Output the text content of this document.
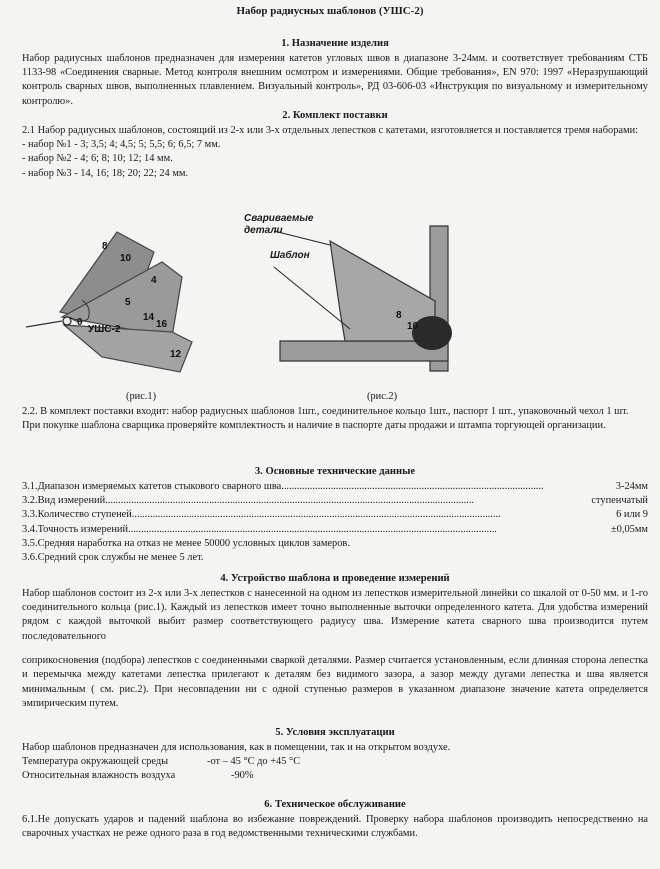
Набор радиусных шаблонов (УШС-2)

1. Назначение изделия

Набор радиусных шаблонов предназначен для измерения катетов угловых швов в диапазоне 3-24мм. и соответствует требованиям СТБ 1133-98 «Соединения сварные. Метод контроля внешним осмотром и измерениями. Общие требования», EN 970: 1997 «Неразрушающий контроль сварных швов, выполненных плавлением. Визуальный контроль», РД 03-606-03 «Инструкция по визуальному и измерительному контролю».

2. Комплект поставки

2.1 Набор радиусных шаблонов, состоящий из 2-х или 3-х отдельных лепестков с катетами, изготовляется и поставляется тремя наборами:

- набор №1 - 3; 3,5; 4; 4,5; 5; 5,5; 6; 6,5; 7 мм.

- набор №2 - 4; 6; 8; 10; 12; 14 мм.

- набор №3 - 14, 16; 18; 20; 22; 24 мм.

8
10
4
5
14
16
12
0
УШС-2
(рис.1)
8
10
Свариваемые детали
Шаблон
(рис.2)

2.2. В комплект поставки входит: набор радиусных шаблонов 1шт., соединительное кольцо 1шт., паспорт 1 шт., упаковочный чехол 1 шт.

При покупке шаблона сварщика проверяйте комплектность и наличие в паспорте даты продажи и штампа торгующей организации.

3. Основные технические данные

3.1.Диапазон измеряемых катетов стыкового сварного шва .....................................................................................................	3-24мм
3.2.Вид измерений ..............................................................................................................................................	ступенчатый
3.3.Количество ступеней ..............................................................................................................................................	6 или 9
3.4.Точность измерений ..............................................................................................................................................	±0,05мм

3.5.Средняя наработка на отказ не менее 50000 условных циклов замеров.

3.6.Средний срок службы не менее 5 лет.

4. Устройство шаблона и проведение измерений

Набор шаблонов состоит из 2-х или 3-х лепестков с нанесенной на одном из лепестков измерительной линейки со шкалой от 0-50 мм. и 1-го соединительного кольца (рис.1). Каждый из лепестков имеет точно выполненные выточки определенного катета. Для удобства измерений рядом с каждой выточкой выбит размер соответствующего радиусу шва. Измерение катета сварного шва производится путем последовательного

соприкосновения (подбора) лепестков с соединенными сваркой деталями. Размер считается установленным, если длинная сторона лепестка и перемычка между катетами лепестка прилегают к деталям без видимого зазора, а зазор между дугами лепестка и шва является минимальным ( см. рис.2). При несовпадении ни с одной ступенью размеров в указанном диапазоне значение катета определяется эмпирическим путем.

5. Условия эксплуатации

Набор шаблонов предназначен для использования, как в помещении, так и на открытом воздухе.

Температура окружающей среды	-от – 45 °С до +45 °С
Относительная влажность воздуха	-90%

6. Техническое обслуживание

6.1.Не допускать ударов и падений шаблона во избежание повреждений. Проверку набора шаблонов производить непосредственно на сварочных участках не реже одного раза в год ведомственными техническими службами.
